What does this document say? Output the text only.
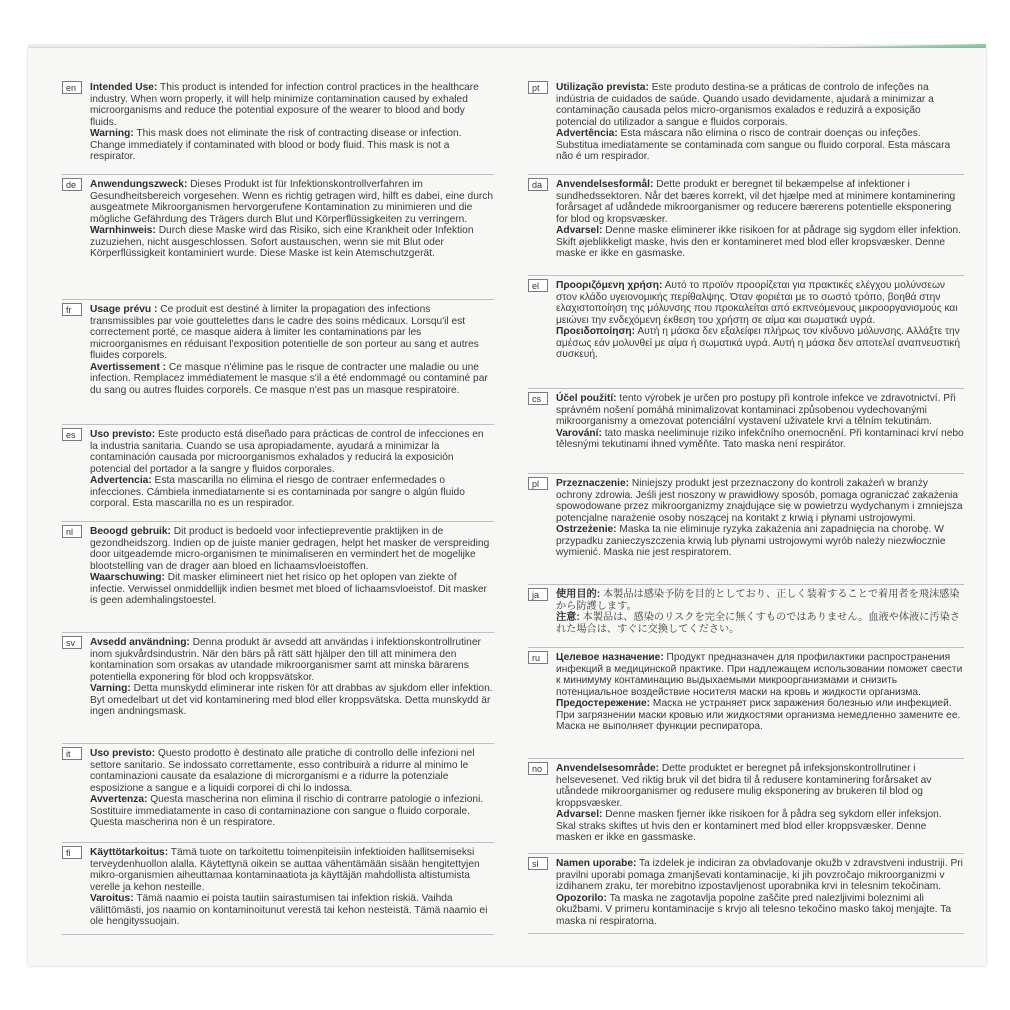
en	Intended Use: This product is intended for infection control practices in the healthcare industry. When worn properly, it will help minimize contamination caused by exhaled microorganisms and reduce the potential exposure of the wearer to blood and body fluids.
Warning: This mask does not eliminate the risk of contracting disease or infection. Change immediately if contaminated with blood or body fluid. This mask is not a respirator.
de	Anwendungszweck: Dieses Produkt ist für Infektionskontrollverfahren im Gesundheitsbereich vorgesehen. Wenn es richtig getragen wird, hilft es dabei, eine durch ausgeatmete Mikroorganismen hervorgerufene Kontamination zu minimieren und die mögliche Gefährdung des Trägers durch Blut und Körperflüssigkeiten zu verringern.
Warnhinweis: Durch diese Maske wird das Risiko, sich eine Krankheit oder Infektion zuzuziehen, nicht ausgeschlossen. Sofort austauschen, wenn sie mit Blut oder Körperflüssigkeit kontaminiert wurde. Diese Maske ist kein Atemschutzgerät.
fr	Usage prévu : Ce produit est destiné à limiter la propagation des infections transmissibles par voie gouttelettes dans le cadre des soins médicaux. Lorsqu'il est correctement porté, ce masque aidera à limiter les contaminations par les microorganismes en réduisant l'exposition potentielle de son porteur au sang et autres fluides corporels.
Avertissement : Ce masque n'élimine pas le risque de contracter une maladie ou une infection. Remplacez immédiatement le masque s'il a été endommagé ou contaminé par du sang ou autres fluides corporels. Ce masque n'est pas un masque respiratoire.
es	Uso previsto: Este producto está diseñado para prácticas de control de infecciones en la industria sanitaria. Cuando se usa apropiadamente, ayudará a minimizar la contaminación causada por microorganismos exhalados y reducirá la exposición potencial del portador a la sangre y fluidos corporales.
Advertencia: Esta mascarilla no elimina el riesgo de contraer enfermedades o infecciones. Cámbiela inmediatamente si es contaminada por sangre o algún fluido corporal. Esta mascarilla no es un respirador.
nl	Beoogd gebruik: Dit product is bedoeld voor infectiepreventie praktijken in de gezondheidszorg. Indien op de juiste manier gedragen, helpt het masker de verspreiding door uitgeademde micro-organismen te minimaliseren en vermindert het de mogelijke blootstelling van de drager aan bloed en lichaamsvloeistoffen.
Waarschuwing: Dit masker elimineert niet het risico op het oplopen van ziekte of infectie. Verwissel onmiddellijk indien besmet met bloed of lichaamsvloeistof. Dit masker is geen ademhalingstoestel.
sv	Avsedd användning: Denna produkt är avsedd att användas i infektionskontrollrutiner inom sjukvårdsindustrin. När den bärs på rätt sätt hjälper den till att minimera den kontamination som orsakas av utandade mikroorganismer samt att minska bärarens potentiella exponering för blod och kroppsvätskor.
Varning: Detta munskydd eliminerar inte risken för att drabbas av sjukdom eller infektion. Byt omedelbart ut det vid kontaminering med blod eller kroppsvätska. Detta munskydd är ingen andningsmask.
it	Uso previsto: Questo prodotto è destinato alle pratiche di controllo delle infezioni nel settore sanitario. Se indossato correttamente, esso contribuirà a ridurre al minimo le contaminazioni causate da esalazione di microrganismi e a ridurre la potenziale esposizione a sangue e a liquidi corporei di chi lo indossa.
Avvertenza: Questa mascherina non elimina il rischio di contrarre patologie o infezioni. Sostituire immediatamente in caso di contaminazione con sangue o fluido corporale. Questa mascherina non è un respiratore.
fi	Käyttötarkoitus: Tämä tuote on tarkoitettu toimenpiteisiin infektioiden hallitsemiseksi terveydenhuollon alalla. Käytettynä oikein se auttaa vähentämään sisään hengitettyjen mikro-organismien aiheuttamaa kontaminaatiota ja käyttäjän mahdollista altistumista verelle ja kehon nesteille.
Varoitus: Tämä naamio ei poista tautiin sairastumisen tai infektion riskiä. Vaihda välittömästi, jos naamio on kontaminoitunut verestä tai kehon nesteistä. Tämä naamio ei ole hengityssuojain.
pt	Utilização prevista: Este produto destina-se a práticas de controlo de infeções na indústria de cuidados de saúde. Quando usado devidamente, ajudará a minimizar a contaminação causada pelos micro-organismos exalados e reduzirá a exposição potencial do utilizador a sangue e fluidos corporais.
Advertência: Esta máscara não elimina o risco de contrair doenças ou infeções. Substitua imediatamente se contaminada com sangue ou fluido corporal. Esta máscara não é um respirador.
da	Anvendelsesformål: Dette produkt er beregnet til bekæmpelse af infektioner i sundhedssektoren. Når det bæres korrekt, vil det hjælpe med at minimere kontaminering forårsaget af udåndede mikroorganismer og reducere bærerens potentielle eksponering for blod og kropsvæsker.
Advarsel: Denne maske eliminerer ikke risikoen for at pådrage sig sygdom eller infektion. Skift øjeblikkeligt maske, hvis den er kontamineret med blod eller kropsvæsker. Denne maske er ikke en gasmaske.
el	Προοριζόμενη χρήση: Αυτό το προϊόν προορίζεται για πρακτικές ελέγχου μολύνσεων στον κλάδο υγειονομικής περίθαλψης. Όταν φοριέται με το σωστό τρόπο, βοηθά στην ελαχιστοποίηση της μόλυνσης που προκαλείται από εκπνεόμενους μικροοργανισμούς και μειώνει την ενδεχόμενη έκθεση του χρήστη σε αίμα και σωματικά υγρά.
Προειδοποίηση: Αυτή η μάσκα δεν εξαλείφει πλήρως τον κίνδυνο μόλυνσης. Αλλάξτε την αμέσως εάν μολυνθεί με αίμα ή σωματικά υγρά. Αυτή η μάσκα δεν αποτελεί αναπνευστική συσκευή.
cs	Účel použití: tento výrobek je určen pro postupy při kontrole infekce ve zdravotnictví. Při správném nošení pomáhá minimalizovat kontaminaci způsobenou vydechovanými mikroorganismy a omezovat potenciální vystavení uživatele krvi a tělním tekutinám.
Varování: tato maska neeliminuje riziko infekčního onemocnění. Při kontaminaci krví nebo tělesnými tekutinami ihned vyměňte. Tato maska není respirátor.
pl	Przeznaczenie: Niniejszy produkt jest przeznaczony do kontroli zakażeń w branży ochrony zdrowia. Jeśli jest noszony w prawidłowy sposób, pomaga ograniczać zakażenia spowodowane przez mikroorganizmy znajdujące się w powietrzu wydychanym i zmniejsza potencjalne narażenie osoby noszącej na kontakt z krwią i płynami ustrojowymi.
Ostrzeżenie: Maska ta nie eliminuje ryzyka zakażenia ani zapadnięcia na chorobę. W przypadku zanieczyszczenia krwią lub płynami ustrojowymi wyrób należy niezwłocznie wymienić. Maska nie jest respiratorem.
ja	使用目的: 本製品は感染予防を目的としており、正しく装着することで着用者を飛沫感染から防護します。
注意: 本製品は、感染のリスクを完全に無くすものではありません。血液や体液に汚染された場合は、すぐに交換してください。
ru	Целевое назначение: Продукт предназначен для профилактики распространения инфекций в медицинской практике. При надлежащем использовании поможет свести к минимуму контаминацию выдыхаемыми микроорганизмами и снизить потенциальное воздействие носителя маски на кровь и жидкости организма.
Предостережение: Маска не устраняет риск заражения болезнью или инфекцией. При загрязнении маски кровью или жидкостями организма немедленно замените ее. Маска не выполняет функции респиратора.
no	Anvendelsesområde: Dette produktet er beregnet på infeksjonskontrollrutiner i helsevesenet. Ved riktig bruk vil det bidra til å redusere kontaminering forårsaket av utåndede mikroorganismer og redusere mulig eksponering av brukeren til blod og kroppsvæsker.
Advarsel: Denne masken fjerner ikke risikoen for å pådra seg sykdom eller infeksjon. Skal straks skiftes ut hvis den er kontaminert med blod eller kroppsvæsker. Denne masken er ikke en gassmaske.
sl	Namen uporabe: Ta izdelek je indiciran za obvladovanje okužb v zdravstveni industriji. Pri pravilni uporabi pomaga zmanjševati kontaminacije, ki jih povzročajo mikroorganizmi v izdihanem zraku, ter morebitno izpostavljenost uporabnika krvi in telesnim tekočinam.
Opozorilo: Ta maska ne zagotavlja popolne zaščite pred nalezljivimi boleznimi ali okužbami. V primeru kontaminacije s krvjo ali telesno tekočino masko takoj menjajte. Ta maska ni respiratorna.
